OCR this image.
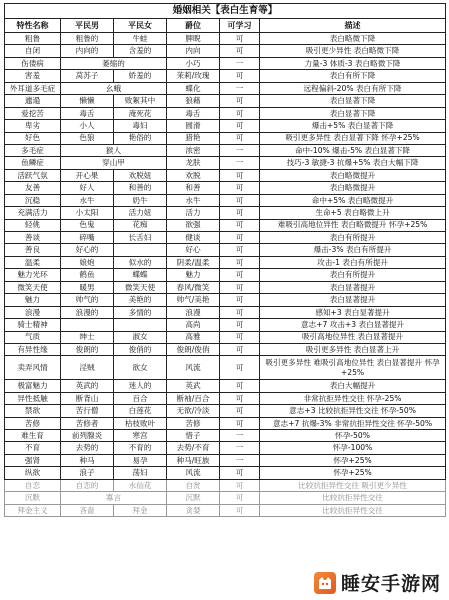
婚姻相关【表白生育等】					
特性名称	平民男	平民女	爵位	可学习	描述
粗鲁	粗鲁的	牛蛙	脾睨	可	表白略微下降
自闭	内向的	含羞的	内向	可	吸引更少异性 表白略微下降
伤偻病	萎缩的		小巧	一	力量-3 体质-3 表白略微下降
害羞	莴苏子	娇羞的	茉莉/玫瑰	可	表白有所下降
外耳道多毛症	幺蛾		蝶化	一	远程偏斜-20% 表白有所下降
邋遢	懒懒	败絮其中	狼藉	可	表白显著下降
爱挖苦	毒舌	淹死花	毒舌	可	表白显著下降
卑劣	小人	毒妇	圆滑	可	爆击+5% 表白显著下降
好色	色狼	艳俗的	猎艳	可	吸引更多异性 表白显著下降 怀孕+25%
多毛症	猴人		浓密	一	命中-10% 爆击-5% 表白显著下降
鱼鳞症	穿山甲		龙肤	一	技巧-3 敏捷-3 抗爆+5% 表白大幅下降
活跃气氛	开心果	欢脱妞	欢脱	可	表白略微提升
友善	好人	和善的	和善	可	表白略微提升
沉稳	水牛	奶牛	水牛	可	命中+5% 表白略微提升
充满活力	小太阳	活力妞	活力	可	生命+5 表白略微上升
轻佻	色鬼	花痴	欲强	可	难吸引高地位异性 表白略微提升 怀孕+25%
善谈	碎嘴	长舌妇	健谈	可	表白有所提升
善良	好心的		好心	可	爆击-3% 表白有所提升
温柔	娘炮	似水的	阴柔/温柔	可	攻击-1 表白有所提升
魅力光环	鹤鱼	蝶蝶	魅力	可	表白有所提升
微笑天使	暖男	微笑天使	春风/微笑	可	表白显著提升
魅力	帅气的	美艳的	帅气/美艳	可	表白显著提升
浪漫	浪漫的	多情的	浪漫	可	感知+3 表白显著提升
骑士精神			高尚	可	意志+7 攻击+3 表白显著提升
气质	绅士	淑女	高雅	可	吸引高地位异性 表白显著提升
有异性缘	俊朗的	俊俏的	俊朗/俊俏	可	吸引更多异性 表白显著上升
卖弄风情	淫贼	欲女	风流	可	吸引更多异性 难吸引高地位异性 表白显著提升 怀孕+25%
极富魅力	英武的	迷人的	英武	可	表白大幅提升
异性抵触	断背山	百合	断袖/百合	可	非常抗拒异性交往 怀孕-25%
禁欲	苦行僧	白莲花	无欲/冷淡	可	意志+3 比较抗拒异性交往 怀孕-50%
苦修	苦修者	枯枝败叶	苦修	可	意志+7 抗爆-3% 非常抗拒异性交往 怀孕-50%
难生育	前列腺炎	寒宫	惜子	一	怀孕-50%
不育	去势的	不育的	去势/不育	一	怀孕-100%
强肾	种马	易孕	种马/旺族	一	怀孕+25%
纵欲	浪子	荡妇	风流	可	怀孕+25%
自恋	自恋的	水仙花	自赏	可	比较抗拒异性交往 吸引更少异性
沉默	寡言		沉默	可	比较抗拒异性交往
拜金主义	吝啬	拜金	贪婪	可	比较抗拒异性交往
睡安手游网
